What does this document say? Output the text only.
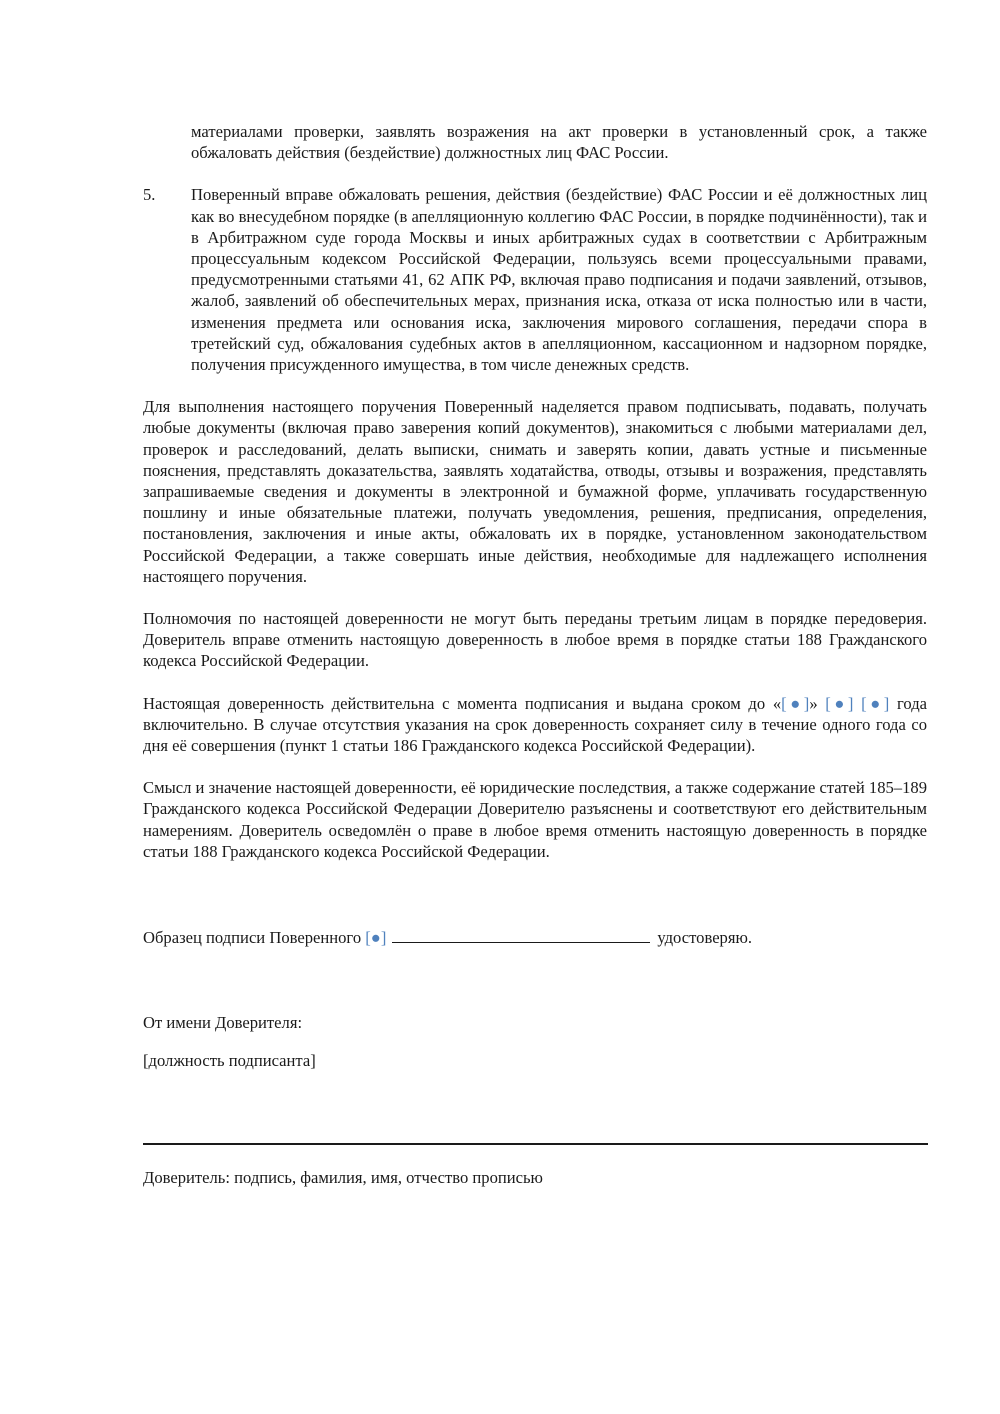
материалами проверки, заявлять возражения на акт проверки в установленный срок, а также обжаловать действия (бездействие) должностных лиц ФАС России.

5. Поверенный вправе обжаловать решения, действия (бездействие) ФАС России и её должностных лиц как во внесудебном порядке (в апелляционную коллегию ФАС России, в порядке подчинённости), так и в Арбитражном суде города Москвы и иных арбитражных судах в соответствии с Арбитражным процессуальным кодексом Российской Федерации, пользуясь всеми процессуальными правами, предусмотренными статьями 41, 62 АПК РФ, включая право подписания и подачи заявлений, отзывов, жалоб, заявлений об обеспечительных мерах, признания иска, отказа от иска полностью или в части, изменения предмета или основания иска, заключения мирового соглашения, передачи спора в третейский суд, обжалования судебных актов в апелляционном, кассационном и надзорном порядке, получения присужденного имущества, в том числе денежных средств.

Для выполнения настоящего поручения Поверенный наделяется правом подписывать, подавать, получать любые документы (включая право заверения копий документов), знакомиться с любыми материалами дел, проверок и расследований, делать выписки, снимать и заверять копии, давать устные и письменные пояснения, представлять доказательства, заявлять ходатайства, отводы, отзывы и возражения, представлять запрашиваемые сведения и документы в электронной и бумажной форме, уплачивать государственную пошлину и иные обязательные платежи, получать уведомления, решения, предписания, определения, постановления, заключения и иные акты, обжаловать их в порядке, установленном законодательством Российской Федерации, а также совершать иные действия, необходимые для надлежащего исполнения настоящего поручения.

Полномочия по настоящей доверенности не могут быть переданы третьим лицам в порядке передоверия. Доверитель вправе отменить настоящую доверенность в любое время в порядке статьи 188 Гражданского кодекса Российской Федерации.

Настоящая доверенность действительна с момента подписания и выдана сроком до «[●]» [●] [●] года включительно. В случае отсутствия указания на срок доверенность сохраняет силу в течение одного года со дня её совершения (пункт 1 статьи 186 Гражданского кодекса Российской Федерации).

Смысл и значение настоящей доверенности, её юридические последствия, а также содержание статей 185–189 Гражданского кодекса Российской Федерации Доверителю разъяснены и соответствуют его действительным намерениям. Доверитель осведомлён о праве в любое время отменить настоящую доверенность в порядке статьи 188 Гражданского кодекса Российской Федерации.

Образец подписи Поверенного [●]	удостоверяю.

От имени Доверителя:

[должность подписанта]

Доверитель: подпись, фамилия, имя, отчество прописью
